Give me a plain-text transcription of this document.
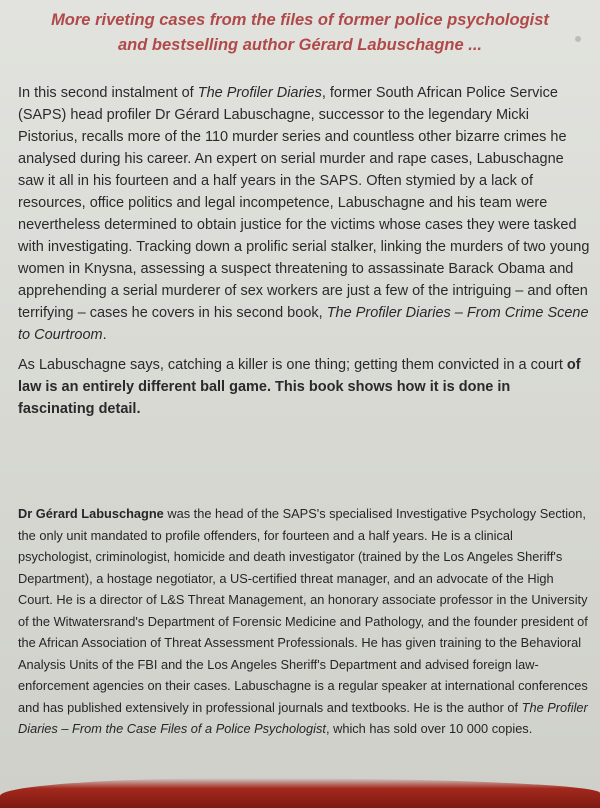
More riveting cases from the files of former police psychologist
and bestselling author Gérard Labuschagne ...

In this second instalment of The Profiler Diaries, former South African Police Service (SAPS) head profiler Dr Gérard Labuschagne, successor to the legendary Micki Pistorius, recalls more of the 110 murder series and countless other bizarre crimes he analysed during his career. An expert on serial murder and rape cases, Labuschagne saw it all in his fourteen and a half years in the SAPS. Often stymied by a lack of resources, office politics and legal incompetence, Labuschagne and his team were nevertheless determined to obtain justice for the victims whose cases they were tasked with investigating. Tracking down a prolific serial stalker, linking the murders of two young women in Knysna, assessing a suspect threatening to assassinate Barack Obama and apprehending a serial murderer of sex workers are just a few of the intriguing – and often terrifying – cases he covers in his second book, The Profiler Diaries – From Crime Scene to Courtroom.

As Labuschagne says, catching a killer is one thing; getting them convicted in a court of law is an entirely different ball game. This book shows how it is done in fascinating detail.

Dr Gérard Labuschagne was the head of the SAPS's specialised Investigative Psychology Section, the only unit mandated to profile offenders, for fourteen and a half years. He is a clinical psychologist, criminologist, homicide and death investigator (trained by the Los Angeles Sheriff's Department), a hostage negotiator, a US-certified threat manager, and an advocate of the High Court. He is a director of L&S Threat Management, an honorary associate professor in the University of the Witwatersrand's Department of Forensic Medicine and Pathology, and the founder president of the African Association of Threat Assessment Professionals. He has given training to the Behavioral Analysis Units of the FBI and the Los Angeles Sheriff's Department and advised foreign law-enforcement agencies on their cases. Labuschagne is a regular speaker at international conferences and has published extensively in professional journals and textbooks. He is the author of The Profiler Diaries – From the Case Files of a Police Psychologist, which has sold over 10 000 copies.
